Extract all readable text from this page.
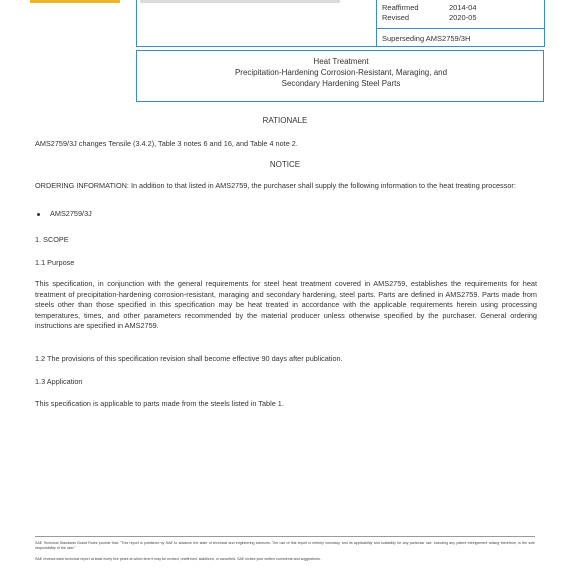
Reaffirmed	2014-04
Revised	2020-05
Superseding AMS2759/3H
Heat Treatment
Precipitation-Hardening Corrosion-Resistant, Maraging, and
Secondary Hardening Steel Parts
RATIONALE
AMS2759/3J changes Tensile (3.4.2), Table 3 notes 6 and 16, and Table 4 note 2.
NOTICE
ORDERING INFORMATION: In addition to that listed in AMS2759, the purchaser shall supply the following information to the heat treating processor:
AMS2759/3J
1. SCOPE
1.1 Purpose
This specification, in conjunction with the general requirements for steel heat treatment covered in AMS2759, establishes the requirements for heat treatment of precipitation-hardening corrosion-resistant, maraging and secondary hardening, steel parts. Parts are defined in AMS2759. Parts made from steels other than those specified in this specification may be heat treated in accordance with the applicable requirements herein using processing temperatures, times, and other parameters recommended by the material producer unless otherwise specified by the purchaser. General ordering instructions are specified in AMS2759.
1.2 The provisions of this specification revision shall become effective 90 days after publication.
1.3 Application
This specification is applicable to parts made from the steels listed in Table 1.
SAE Technical Standards Board Rules provide that: "This report is published by SAE to advance the state of technical and engineering sciences. The use of this report is entirely voluntary, and its applicability and suitability for any particular use, including any patent infringement arising therefrom, is the sole responsibility of the user."
SAE reviews each technical report at least every five years at which time it may be revised, reaffirmed, stabilized, or cancelled. SAE invites your written comments and suggestions.
